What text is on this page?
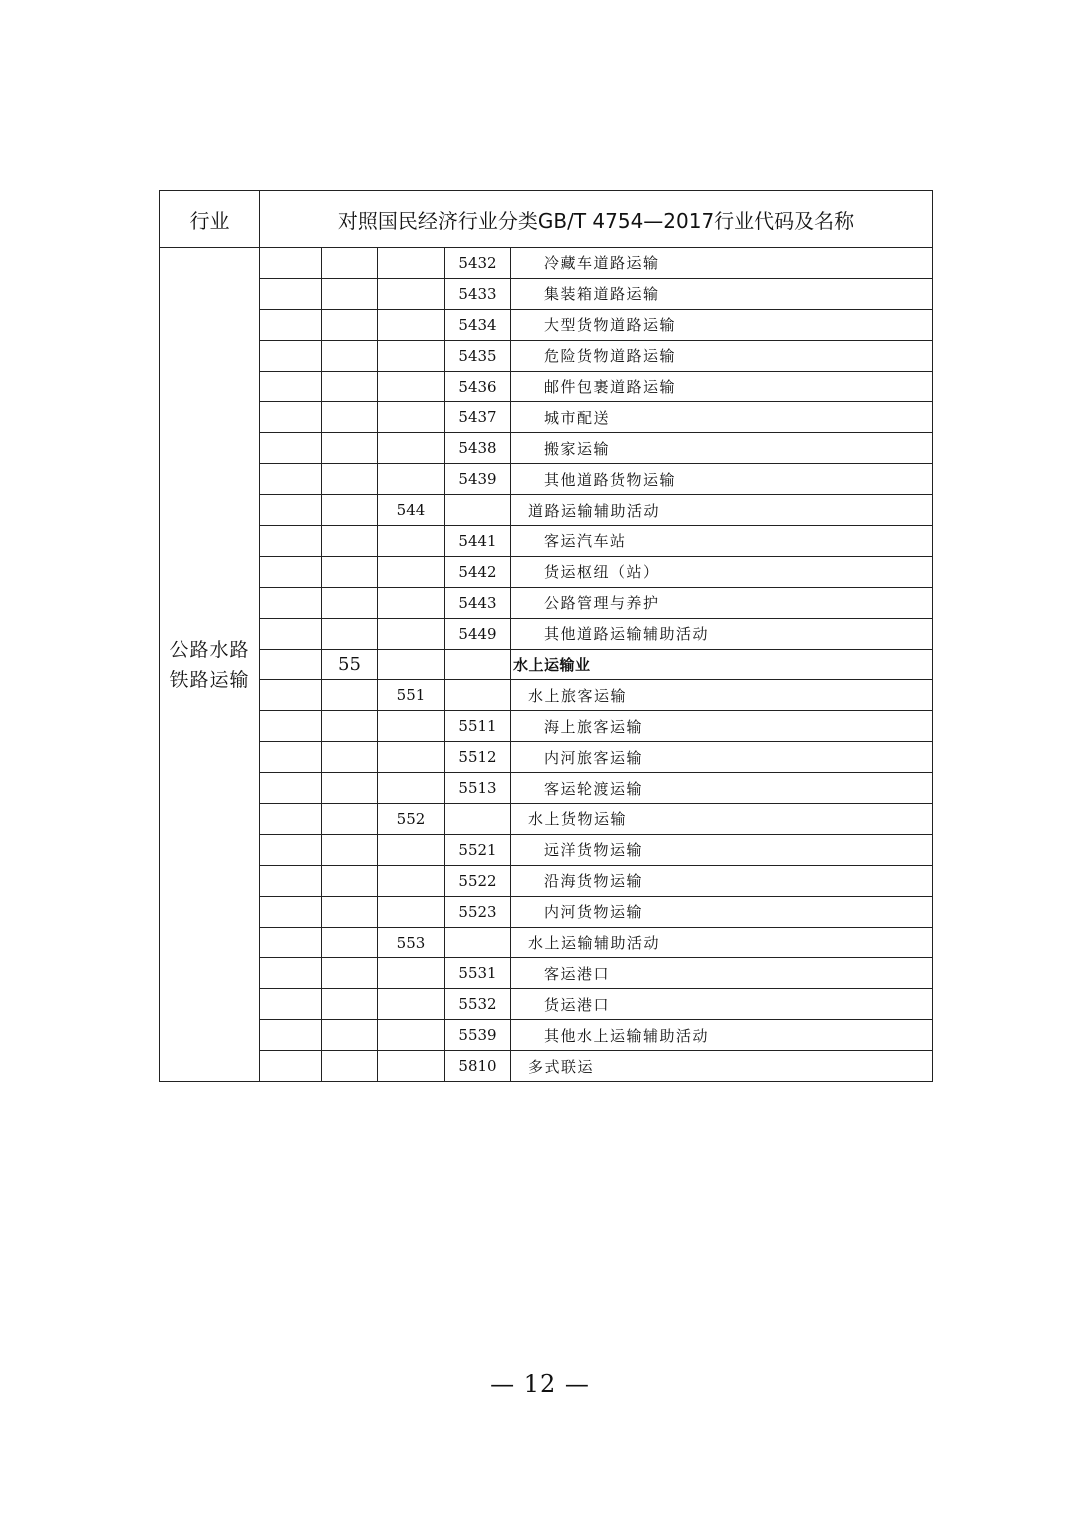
行业	对照国民经济行业分类GB/T 4754—2017行业代码及名称				

公路水路
铁路运输				5432	冷藏车道路运输
				5433	集装箱道路运输
				5434	大型货物道路运输
				5435	危险货物道路运输
				5436	邮件包裹道路运输
				5437	城市配送
				5438	搬家运输
				5439	其他道路货物运输
			544		道路运输辅助活动
				5441	客运汽车站
				5442	货运枢纽（站）
				5443	公路管理与养护
				5449	其他道路运输辅助活动
		55			水上运输业
			551		水上旅客运输
				5511	海上旅客运输
				5512	内河旅客运输
				5513	客运轮渡运输
			552		水上货物运输
				5521	远洋货物运输
				5522	沿海货物运输
				5523	内河货物运输
			553		水上运输辅助活动
				5531	客运港口
				5532	货运港口
				5539	其他水上运输辅助活动
				5810	多式联运
— 12 —
